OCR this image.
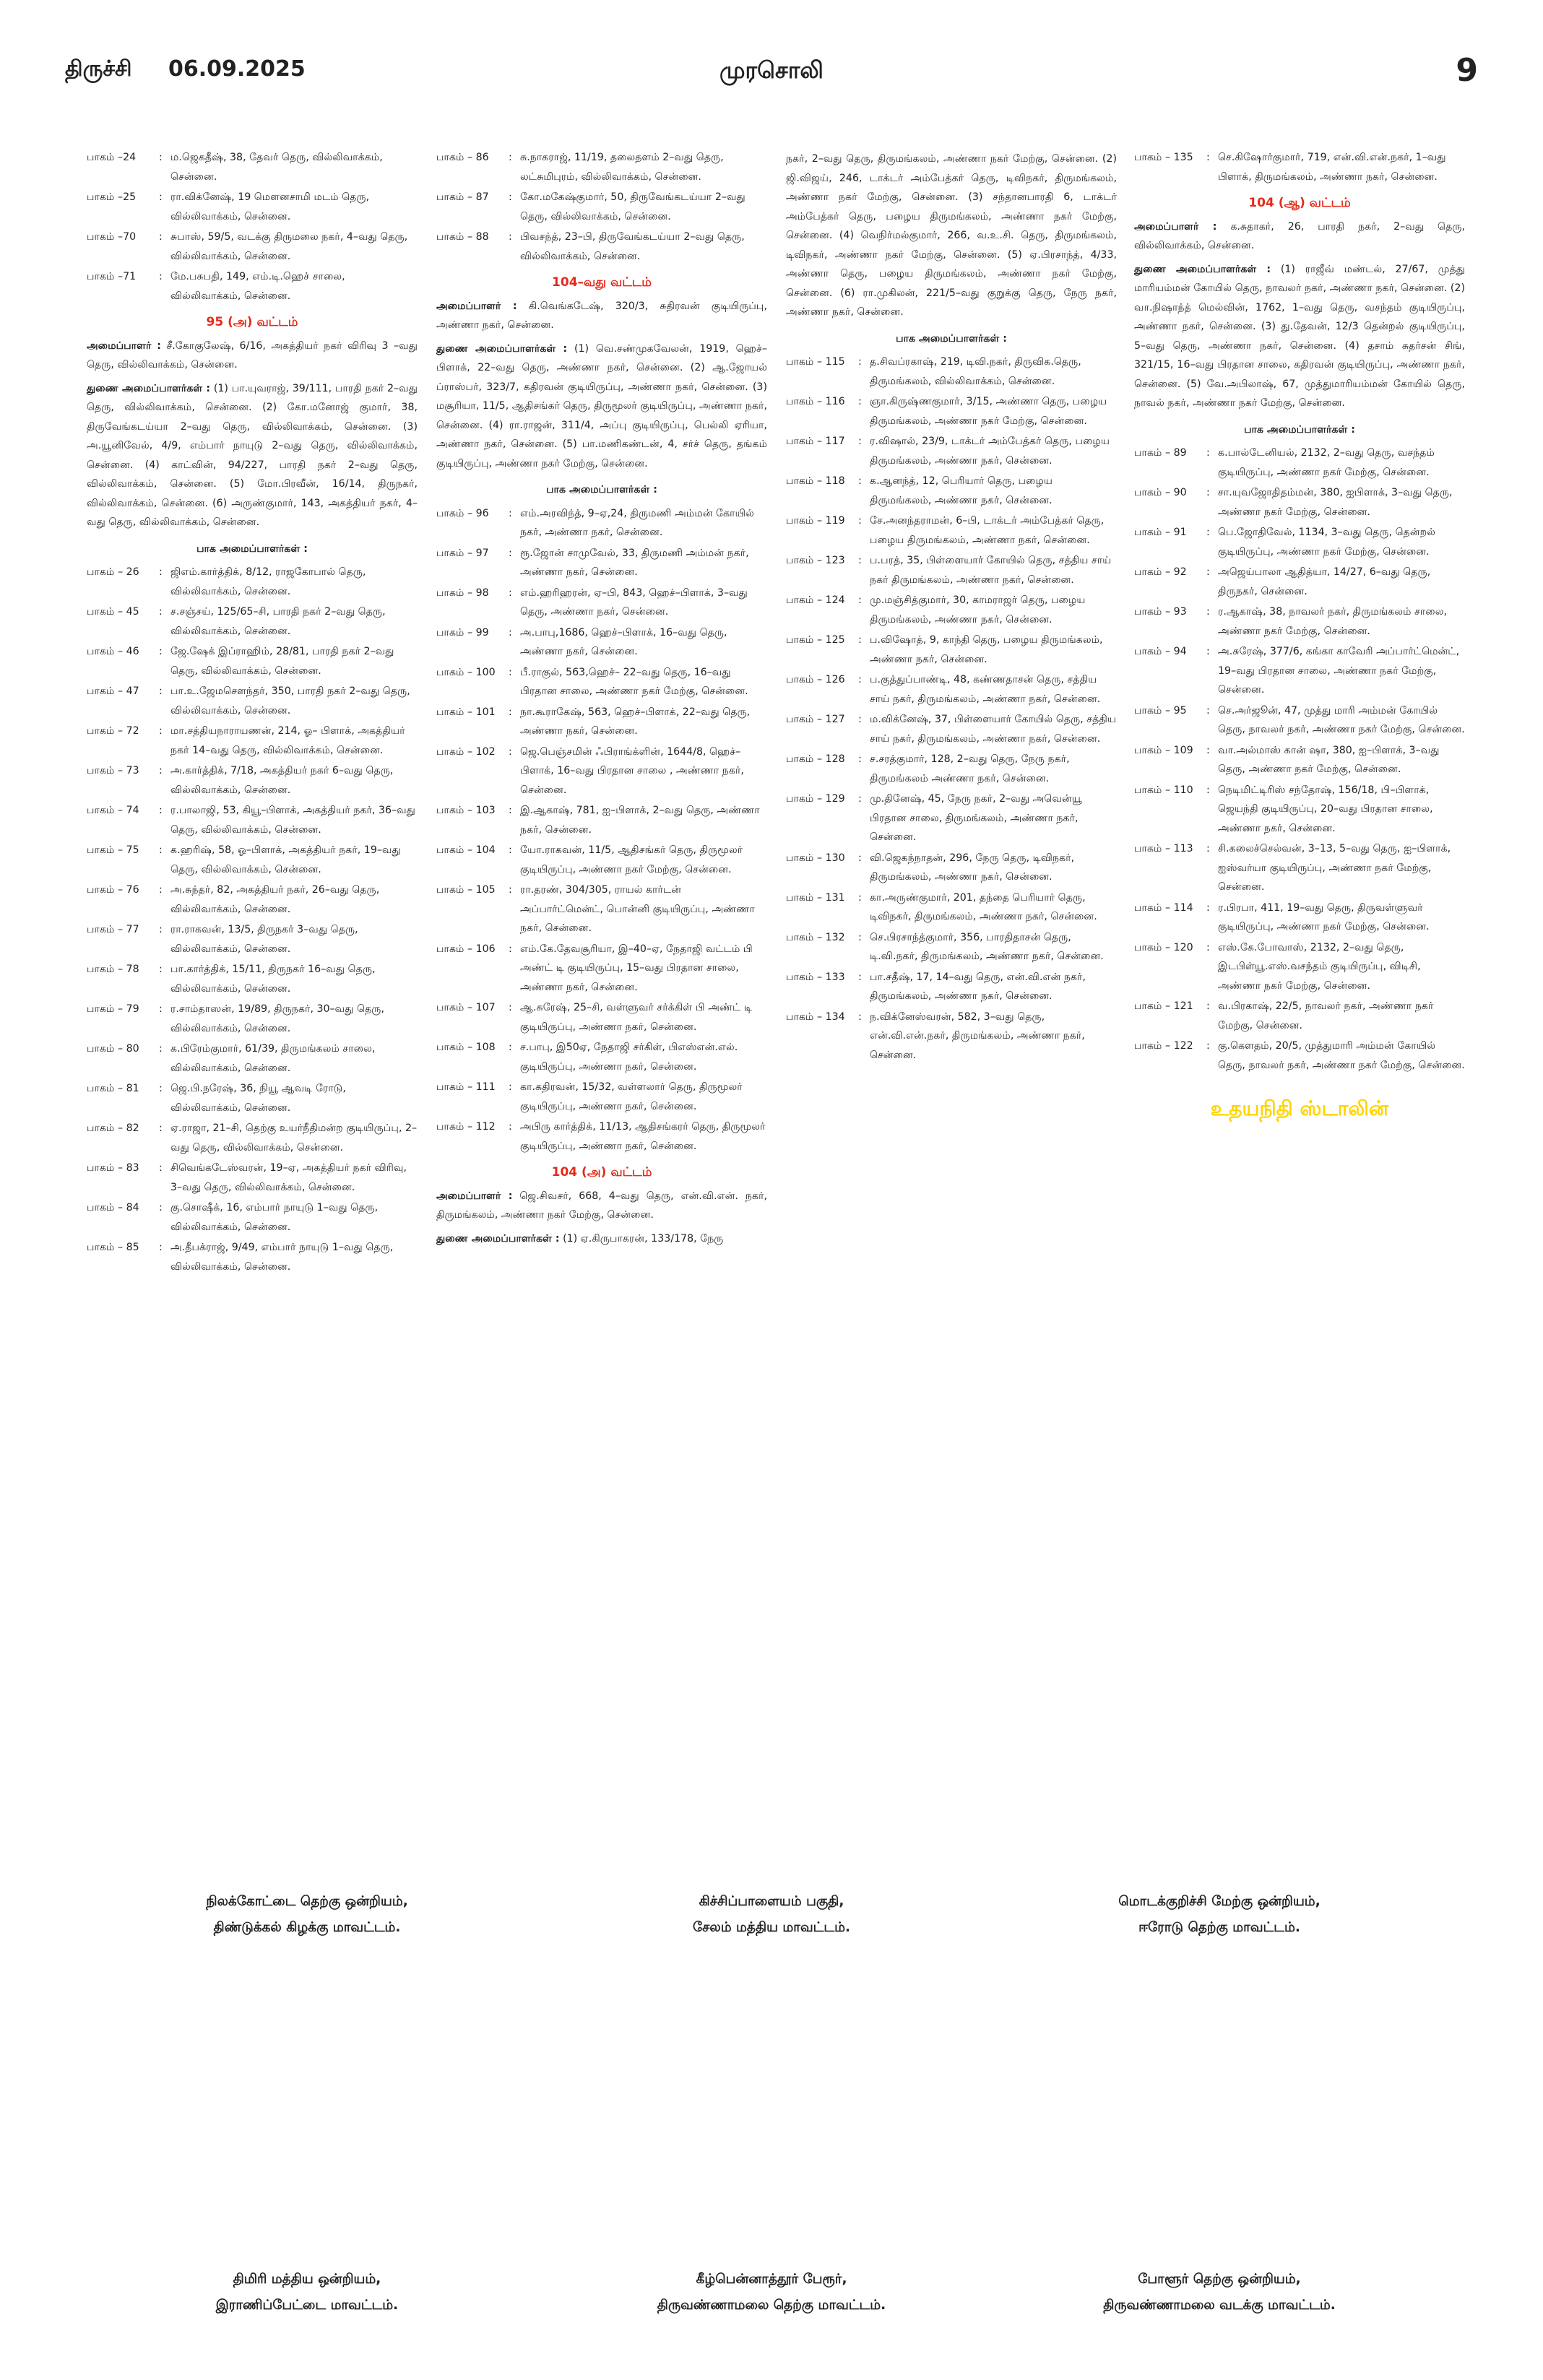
திருச்சி 06.09.2025	முரசொலி	9
பாகம் –24	: ம.ஜெகதீஷ், 38, தேவர் தெரு, வில்லிவாக்கம், சென்னை.
பாகம் –25	: ரா.விக்னேஷ், 19 மௌனசாமி மடம் தெரு, வில்லிவாக்கம், சென்னை.
பாகம் –70	: சுபாஸ், 59/5, வடக்கு திருமலை நகர், 4–வது தெரு, வில்லிவாக்கம், சென்னை.
பாகம் –71	: மே.பசுபதி, 149, எம்.டி.ஹெச் சாலை, வில்லிவாக்கம், சென்னை.
95 (அ) வட்டம்
அமைப்பாளர் : சீ.கோகுலேஷ், 6/16, அகத்தியர் நகர் விரிவு 3 –வது தெரு, வில்லிவாக்கம், சென்னை.
துணை அமைப்பாளர்கள் : (1) பா.யுவராஜ், 39/111, பாரதி நகர் 2–வது தெரு, வில்லிவாக்கம், சென்னை. (2) கோ.மனோஜ் குமார், 38, திருவேங்கடய்யா 2–வது தெரு, வில்லிவாக்கம், சென்னை. (3) அ.யூனிவேல், 4/9, எம்பார் நாயுடு 2–வது தெரு, வில்லிவாக்கம், சென்னை. (4) காட்வின், 94/227, பாரதி நகர் 2–வது தெரு, வில்லிவாக்கம், சென்னை. (5) மோ.பிரவீன், 16/14, திருநகர், வில்லிவாக்கம், சென்னை. (6) அருண்குமார், 143, அகத்தியர் நகர், 4–வது தெரு, வில்லிவாக்கம், சென்னை.
பாக அமைப்பாளர்கள் :
பாகம் – 26	: ஜிஎம்.கார்த்திக், 8/12, ராஜகோபால் தெரு, வில்லிவாக்கம், சென்னை.
பாகம் – 45	: ச.சஞ்சய், 125/65–சி, பாரதி நகர் 2–வது தெரு, வில்லிவாக்கம், சென்னை.
பாகம் – 46	: ஜே.ஷேக் இப்ராஹிம், 28/81, பாரதி நகர் 2–வது தெரு, வில்லிவாக்கம், சென்னை.
பாகம் – 47	: பா.உ.ஜேமசௌந்தர், 350, பாரதி நகர் 2–வது தெரு, வில்லிவாக்கம், சென்னை.
பாகம் – 72	: மா.சத்தியநாராயணன், 214, ஓ– பிளாக், அகத்தியர் நகர் 14–வது தெரு, வில்லிவாக்கம், சென்னை.
பாகம் – 73	: அ.கார்த்திக், 7/18, அகத்தியர் நகர் 6–வது தெரு, வில்லிவாக்கம், சென்னை.
பாகம் – 74	: ர.பாலாஜி, 53, கியூ–பிளாக், அகத்தியர் நகர், 36–வது தெரு, வில்லிவாக்கம், சென்னை.
பாகம் – 75	: க.ஹரிஷ், 58, ஓ–பிளாக், அகத்தியர் நகர், 19–வது தெரு, வில்லிவாக்கம், சென்னை.
பாகம் – 76	: அ.சுந்தர், 82, அகத்தியர் நகர், 26–வது தெரு, வில்லிவாக்கம், சென்னை.
பாகம் – 77	: ரா.ராகவன், 13/5, திருநகர் 3–வது தெரு, வில்லிவாக்கம், சென்னை.
பாகம் – 78	: பா.கார்த்திக், 15/11, திருநகர் 16–வது தெரு, வில்லிவாக்கம், சென்னை.
பாகம் – 79	: ர.சாம்தாஸன், 19/89, திருநகர், 30–வது தெரு, வில்லிவாக்கம், சென்னை.
பாகம் – 80	: க.பிரேம்குமார், 61/39, திருமங்கலம் சாலை, வில்லிவாக்கம், சென்னை.
பாகம் – 81	: ஜெ.பி.நரேஷ், 36, நியூ ஆவடி ரோடு, வில்லிவாக்கம், சென்னை.
பாகம் – 82	: ஏ.ராஜா, 21–சி, தெற்கு உயர்நீதிமன்ற குடியிருப்பு, 2–வது தெரு, வில்லிவாக்கம், சென்னை.
பாகம் – 83	: சிவெங்கடேஸ்வரன், 19–ஏ, அகத்தியர் நகர் விரிவு, 3–வது தெரு, வில்லிவாக்கம், சென்னை.
பாகம் – 84	: கு.சொஷீக், 16, எம்பார் நாயுடு 1–வது தெரு, வில்லிவாக்கம், சென்னை.
பாகம் – 85	: அ.தீபக்ராஜ், 9/49, எம்பார் நாயுடு 1–வது தெரு, வில்லிவாக்கம், சென்னை.
பாகம் – 86	: சு.நாகராஜ், 11/19, தலைதளம் 2–வது தெரு, லட்சுமிபுரம், வில்லிவாக்கம், சென்னை.
பாகம் – 87	: கோ.மகேஷ்குமார், 50, திருவேங்கடய்யா 2–வது தெரு, வில்லிவாக்கம், சென்னை.
பாகம் – 88	: பிவசந்த், 23–பி, திருவேங்கடய்யா 2–வது தெரு, வில்லிவாக்கம், சென்னை.
104–வது வட்டம்
அமைப்பாளர் : கி.வெங்கடேஷ், 320/3, சுதிரவன் குடியிருப்பு, அண்ணா நகர், சென்னை.
துணை அமைப்பாளர்கள் : (1) வெ.சண்முகவேலன், 1919, ஹெச்–பிளாக், 22–வது தெரு, அண்ணா நகர், சென்னை. (2) ஆ.ஜோயல் ப்ராஸ்பர், 323/7, கதிரவன் குடியிருப்பு, அண்ணா நகர், சென்னை. (3) மசூரியா, 11/5, ஆதிசங்கர் தெரு, திருமூலர் குடியிருப்பு, அண்ணா நகர், சென்னை. (4) ரா.ராஜன், 311/4, அப்பு குடியிருப்பு, பெல்லி ஏரியா, அண்ணா நகர், சென்னை. (5) பா.மணிகண்டன், 4, சர்ச் தெரு, தங்கம் குடியிருப்பு, அண்ணா நகர் மேற்கு, சென்னை.
பாக அமைப்பாளர்கள் :
பாகம் – 96	: எம்.அரவிந்த், 9–ஏ,24, திருமணி அம்மன் கோயில் நகர், அண்ணா நகர், சென்னை.
பாகம் – 97	: ரூ.ஜோன் சாமுவேல், 33, திருமணி அம்மன் நகர், அண்ணா நகர், சென்னை.
பாகம் – 98	: எம்.ஹரிஹரன், ஏ–பி, 843, ஹெச்–பிளாக், 3–வது தெரு, அண்ணா நகர், சென்னை.
பாகம் – 99	: அ.பாபு,1686, ஹெச்–பிளாக், 16–வது தெரு, அண்ணா நகர், சென்னை.
பாகம் – 100	: பீ.ராகுல், 563,ஹெச்– 22–வது தெரு, 16–வது பிரதான சாலை, அண்ணா நகர் மேற்கு, சென்னை.
பாகம் – 101	: நா.கூராகேஷ், 563, ஹெச்–பிளாக், 22–வது தெரு, அண்ணா நகர், சென்னை.
பாகம் – 102	: ஜெ.பெஞ்சமின் ஃபிராங்க்ளின், 1644/8, ஹெச்– பிளாக், 16–வது பிரதான சாலை , அண்ணா நகர், சென்னை.
பாகம் – 103	: இ.ஆகாஷ், 781, ஐ–பிளாக், 2–வது தெரு, அண்ணா நகர், சென்னை.
பாகம் – 104	: யோ.ராகவன், 11/5, ஆதிசங்கர் தெரு, திருமூலர் குடியிருப்பு, அண்ணா நகர் மேற்கு, சென்னை.
பாகம் – 105	: ரா.தரண், 304/305, ராயல் கார்டன் அப்பார்ட்மென்ட், பொன்னி குடியிருப்பு, அண்ணா நகர், சென்னை.
பாகம் – 106	: எம்.கே.தேவசூரியா, இ–40–ஏ, நேதாஜி வட்டம் பி அண்ட் டி குடியிருப்பு, 15–வது பிரதான சாலை, அண்ணா நகர், சென்னை.
பாகம் – 107	: ஆ.சுரேஷ், 25–சி, வள்ளுவர் சர்க்கிள் பி அண்ட் டி குடியிருப்பு, அண்ணா நகர், சென்னை.
பாகம் – 108	: ச.பாபு, இ50ஏ, நேதாஜி சர்கிள், பிஎஸ்என்.எல். குடியிருப்பு, அண்ணா நகர், சென்னை.
பாகம் – 111	: கா.கதிரவன், 15/32, வள்ளலார் தெரு, திருமூலர் குடியிருப்பு, அண்ணா நகர், சென்னை.
பாகம் – 112	: அபிரு கார்த்திக், 11/13, ஆதிசங்கரர் தெரு, திருமூலர் குடியிருப்பு, அண்ணா நகர், சென்னை.
104 (அ) வட்டம்
அமைப்பாளர் : ஜெ.சிவசர், 668, 4–வது தெரு, என்.வி.என். நகர், திருமங்கலம், அண்ணா நகர் மேற்கு, சென்னை.
துணை அமைப்பாளர்கள் : (1) ஏ.கிருபாகரன், 133/178, நேரு
நகர், 2–வது தெரு, திருமங்கலம், அண்ணா நகர் மேற்கு, சென்னை. (2) ஜி.விஜய், 246, டாக்டர் அம்பேத்கர் தெரு, டிவிநகர், திருமங்கலம், அண்ணா நகர் மேற்கு, சென்னை. (3) சந்தானபாரதி 6, டாக்டர் அம்பேத்கர் தெரு, பழைய திருமங்கலம், அண்ணா நகர் மேற்கு, சென்னை. (4) வெநிர்மல்குமார், 266, வ.உ.சி. தெரு, திருமங்கலம், டிவிநகர், அண்ணா நகர் மேற்கு, சென்னை. (5) ஏ.பிரசாந்த், 4/33, அண்ணா தெரு, பழைய திருமங்கலம், அண்ணா நகர் மேற்கு, சென்னை. (6) ரா.முகிலன், 221/5–வது குறுக்கு தெரு, நேரு நகர், அண்ணா நகர், சென்னை.
பாக அமைப்பாளர்கள் :
பாகம் – 115	: த.சிவப்ரகாஷ், 219, டிவி.நகர், திருவிக.தெரு, திருமங்கலம், வில்லிவாக்கம், சென்னை.
பாகம் – 116	: ஞா.கிருஷ்ணகுமார், 3/15, அண்ணா தெரு, பழைய திருமங்கலம், அண்ணா நகர் மேற்கு, சென்னை.
பாகம் – 117	: ர.விஷால், 23/9, டாக்டர் அம்பேத்கர் தெரு, பழைய திருமங்கலம், அண்ணா நகர், சென்னை.
பாகம் – 118	: க.ஆனந்த், 12, பெரியார் தெரு, பழைய திருமங்கலம், அண்ணா நகர், சென்னை.
பாகம் – 119	: சே.அனந்தராமன், 6–பி, டாக்டர் அம்பேத்கர் தெரு, பழைய திருமங்கலம், அண்ணா நகர், சென்னை.
பாகம் – 123	: ப.பரத், 35, பிள்ளையார் கோயில் தெரு, சத்திய சாய் நகர் திருமங்கலம், அண்ணா நகர், சென்னை.
பாகம் – 124	: மு.மஞ்சித்குமார், 30, காமராஜர் தெரு, பழைய திருமங்கலம், அண்ணா நகர், சென்னை.
பாகம் – 125	: ப.விஷோத், 9, காந்தி தெரு, பழைய திருமங்கலம், அண்ணா நகர், சென்னை.
பாகம் – 126	: ப.குத்துப்பாண்டி, 48, கண்ணதாசன் தெரு, சத்திய சாய் நகர், திருமங்கலம், அண்ணா நகர், சென்னை.
பாகம் – 127	: ம.விக்னேஷ், 37, பிள்ளையார் கோயில் தெரு, சத்திய சாய் நகர், திருமங்கலம், அண்ணா நகர், சென்னை.
பாகம் – 128	: ச.சரத்குமார், 128, 2–வது தெரு, நேரு நகர், திருமங்கலம் அண்ணா நகர், சென்னை.
பாகம் – 129	: மு.தினேஷ், 45, நேரு நகர், 2–வது அவென்யூ பிரதான சாலை, திருமங்கலம், அண்ணா நகர், சென்னை.
பாகம் – 130	: வி.ஜெகந்நாதன், 296, நேரு தெரு, டிவிநகர், திருமங்கலம், அண்ணா நகர், சென்னை.
பாகம் – 131	: கா.அருண்குமார், 201, தந்தை பெரியார் தெரு, டிவிநகர், திருமங்கலம், அண்ணா நகர், சென்னை.
பாகம் – 132	: செ.பிரசாந்த்குமார், 356, பாரதிதாசன் தெரு, டி.வி.நகர், திருமங்கலம், அண்ணா நகர், சென்னை.
பாகம் – 133	: பா.சதீஷ், 17, 14–வது தெரு, என்.வி.என் நகர், திருமங்கலம், அண்ணா நகர், சென்னை.
பாகம் – 134	: ந.விக்னேஸ்வரன், 582, 3–வது தெரு, என்.வி.என்.நகர், திருமங்கலம், அண்ணா நகர், சென்னை.
பாகம் – 135	: செ.கிஷோர்குமார், 719, என்.வி.என்.நகர், 1–வது பிளாக், திருமங்கலம், அண்ணா நகர், சென்னை.
104 (ஆ) வட்டம்
அமைப்பாளர் : க.சுதாகர், 26, பாரதி நகர், 2–வது தெரு, வில்லிவாக்கம், சென்னை.
துணை அமைப்பாளர்கள் : (1) ராஜீவ் மண்டல், 27/67, முத்து மாரியம்மன் கோயில் தெரு, நாவலர் நகர், அண்ணா நகர், சென்னை. (2) வா.நிஷாந்த் மெல்வின், 1762, 1–வது தெரு, வசந்தம் குடியிருப்பு, அண்ணா நகர், சென்னை. (3) து.தேவன், 12/3 தென்றல் குடியிருப்பு, 5–வது தெரு, அண்ணா நகர், சென்னை. (4) தசாம் சுதர்சன் சிங், 321/15, 16–வது பிரதான சாலை, கதிரவன் குடியிருப்பு, அண்ணா நகர், சென்னை. (5) வே.அபிலாஷ், 67, முத்துமாரியம்மன் கோயில் தெரு, நாவல் நகர், அண்ணா நகர் மேற்கு, சென்னை.
பாக அமைப்பாளர்கள் :
பாகம் – 89	: க.பால்டேனியல், 2132, 2–வது தெரு, வசந்தம் குடியிருப்பு, அண்ணா நகர் மேற்கு, சென்னை.
பாகம் – 90	: சா.யுவஜோதிதம்மன், 380, ஐபிளாக், 3–வது தெரு, அண்ணா நகர் மேற்கு, சென்னை.
பாகம் – 91	: பெ.ஜோதிவேல், 1134, 3–வது தெரு, தென்றல் குடியிருப்பு, அண்ணா நகர் மேற்கு, சென்னை.
பாகம் – 92	: அஜெய்பாலா ஆதித்யா, 14/27, 6–வது தெரு, திருநகர், சென்னை.
பாகம் – 93	: ர.ஆகாஷ், 38, நாவலர் நகர், திருமங்கலம் சாலை, அண்ணா நகர் மேற்கு, சென்னை.
பாகம் – 94	: அ.சுரேஷ், 377/6, கங்கா காவேரி அப்பார்ட்மென்ட், 19–வது பிரதான சாலை, அண்ணா நகர் மேற்கு, சென்னை.
பாகம் – 95	: செ.அர்ஜூன், 47, முத்து மாரி அம்மன் கோயில் தெரு, நாவலர் நகர், அண்ணா நகர் மேற்கு, சென்னை.
பாகம் – 109	: வா.அல்மாஸ் கான் ஷா, 380, ஐ–பிளாக், 3–வது தெரு, அண்ணா நகர் மேற்கு, சென்னை.
பாகம் – 110	: நெடிமிட்டிரிஸ் சந்தோஷ், 156/18, பி–பிளாக், ஜெயந்தி குடியிருப்பு, 20–வது பிரதான சாலை, அண்ணா நகர், சென்னை.
பாகம் – 113	: சி.கலைச்செல்வன், 3–13, 5–வது தெரு, ஐ–பிளாக், ஐஸ்வர்யா குடியிருப்பு, அண்ணா நகர் மேற்கு, சென்னை.
பாகம் – 114	: ர.பிரபா, 411, 19–வது தெரு, திருவள்ளுவர் குடியிருப்பு, அண்ணா நகர் மேற்கு, சென்னை.
பாகம் – 120	: எஸ்.கே.போவாஸ், 2132, 2–வது தெரு, இடபிள்யூ.எஸ்.வசந்தம் குடியிருப்பு, விடிசி, அண்ணா நகர் மேற்கு, சென்னை.
பாகம் – 121	: வ.பிரகாஷ், 22/5, நாவலர் நகர், அண்ணா நகர் மேற்கு, சென்னை.
பாகம் – 122	: கு.கௌதம், 20/5, முத்துமாரி அம்மன் கோயில் தெரு, நாவலர் நகர், அண்ணா நகர் மேற்கு, சென்னை.
உதயநிதி ஸ்டாலின்
நிலக்கோட்டை தெற்கு ஒன்றியம்,
திண்டுக்கல் கிழக்கு மாவட்டம்.
கிச்சிப்பாளையம் பகுதி,
சேலம் மத்திய மாவட்டம்.
மொடக்குறிச்சி மேற்கு ஒன்றியம்,
ஈரோடு தெற்கு மாவட்டம்.
திமிரி மத்திய ஒன்றியம்,
இராணிப்பேட்டை மாவட்டம்.
கீழ்பென்னாத்தூர் பேரூர்,
திருவண்ணாமலை தெற்கு மாவட்டம்.
போளூர் தெற்கு ஒன்றியம்,
திருவண்ணாமலை வடக்கு மாவட்டம்.
